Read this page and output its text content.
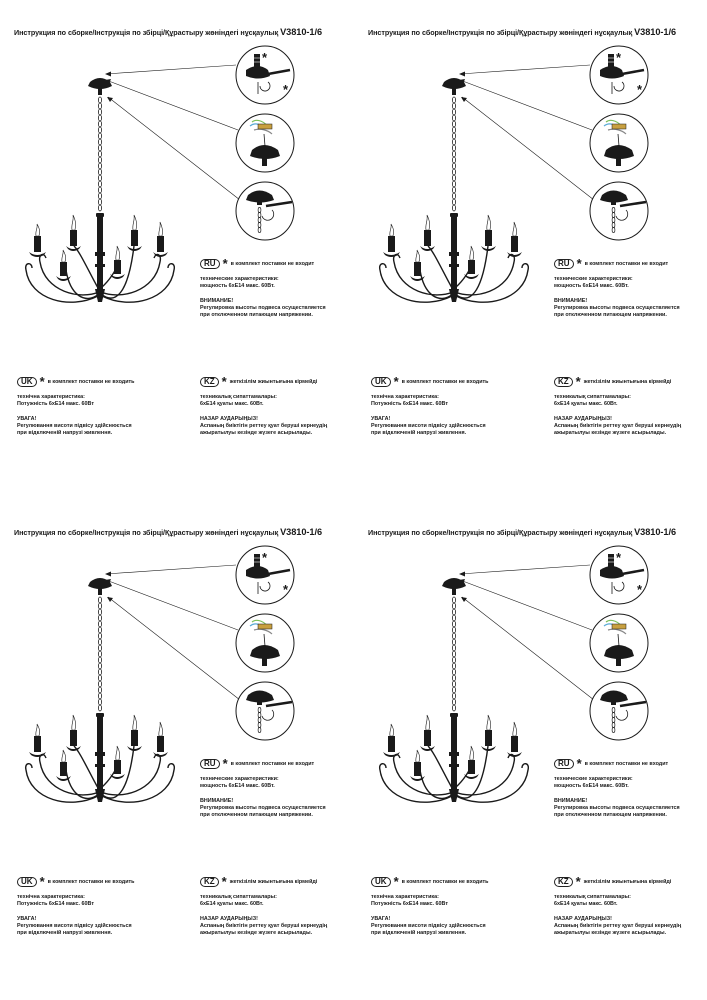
Инструкция по сборке/Інструкція по збірці/Құрастыру жөніндегі нұсқаулық V3810-1/6
*
*
RU * в комплект поставки не входит
технические характеристики:
мощность 6xE14 макс. 60Вт.
ВНИМАНИЕ!
Регулировка высоты подвеса осуществляется
при отключенном питающем напряжении.
UK * в комплект поставки не входить
технічна характеристика:
Потужність 6xE14 макс. 60Вт
УВАГА!
Регулювання висоти підвісу здійснюється
при відключеній напрузі живлення.
KZ * жеткізілім жиынтығына кірмейді
техникалық сипаттамалары:
6xE14 қуаты макс. 60Вт.
НАЗАР АУДАРЫҢЫЗ!
Аспаның биіктігін реттеу қуат беруші кернеудің
ажыратылуы кезінде жүзеге асырылады.
Инструкция по сборке/Інструкція по збірці/Құрастыру жөніндегі нұсқаулық V3810-1/6
*
*
RU * в комплект поставки не входит
технические характеристики:
мощность 6xE14 макс. 60Вт.
ВНИМАНИЕ!
Регулировка высоты подвеса осуществляется
при отключенном питающем напряжении.
UK * в комплект поставки не входить
технічна характеристика:
Потужність 6xE14 макс. 60Вт
УВАГА!
Регулювання висоти підвісу здійснюється
при відключеній напрузі живлення.
KZ * жеткізілім жиынтығына кірмейді
техникалық сипаттамалары:
6xE14 қуаты макс. 60Вт.
НАЗАР АУДАРЫҢЫЗ!
Аспаның биіктігін реттеу қуат беруші кернеудің
ажыратылуы кезінде жүзеге асырылады.
Инструкция по сборке/Інструкція по збірці/Құрастыру жөніндегі нұсқаулық V3810-1/6
*
*
RU * в комплект поставки не входит
технические характеристики:
мощность 6xE14 макс. 60Вт.
ВНИМАНИЕ!
Регулировка высоты подвеса осуществляется
при отключенном питающем напряжении.
UK * в комплект поставки не входить
технічна характеристика:
Потужність 6xE14 макс. 60Вт
УВАГА!
Регулювання висоти підвісу здійснюється
при відключеній напрузі живлення.
KZ * жеткізілім жиынтығына кірмейді
техникалық сипаттамалары:
6xE14 қуаты макс. 60Вт.
НАЗАР АУДАРЫҢЫЗ!
Аспаның биіктігін реттеу қуат беруші кернеудің
ажыратылуы кезінде жүзеге асырылады.
Инструкция по сборке/Інструкція по збірці/Құрастыру жөніндегі нұсқаулық V3810-1/6
*
*
RU * в комплект поставки не входит
технические характеристики:
мощность 6xE14 макс. 60Вт.
ВНИМАНИЕ!
Регулировка высоты подвеса осуществляется
при отключенном питающем напряжении.
UK * в комплект поставки не входить
технічна характеристика:
Потужність 6xE14 макс. 60Вт
УВАГА!
Регулювання висоти підвісу здійснюється
при відключеній напрузі живлення.
KZ * жеткізілім жиынтығына кірмейді
техникалық сипаттамалары:
6xE14 қуаты макс. 60Вт.
НАЗАР АУДАРЫҢЫЗ!
Аспаның биіктігін реттеу қуат беруші кернеудің
ажыратылуы кезінде жүзеге асырылады.
